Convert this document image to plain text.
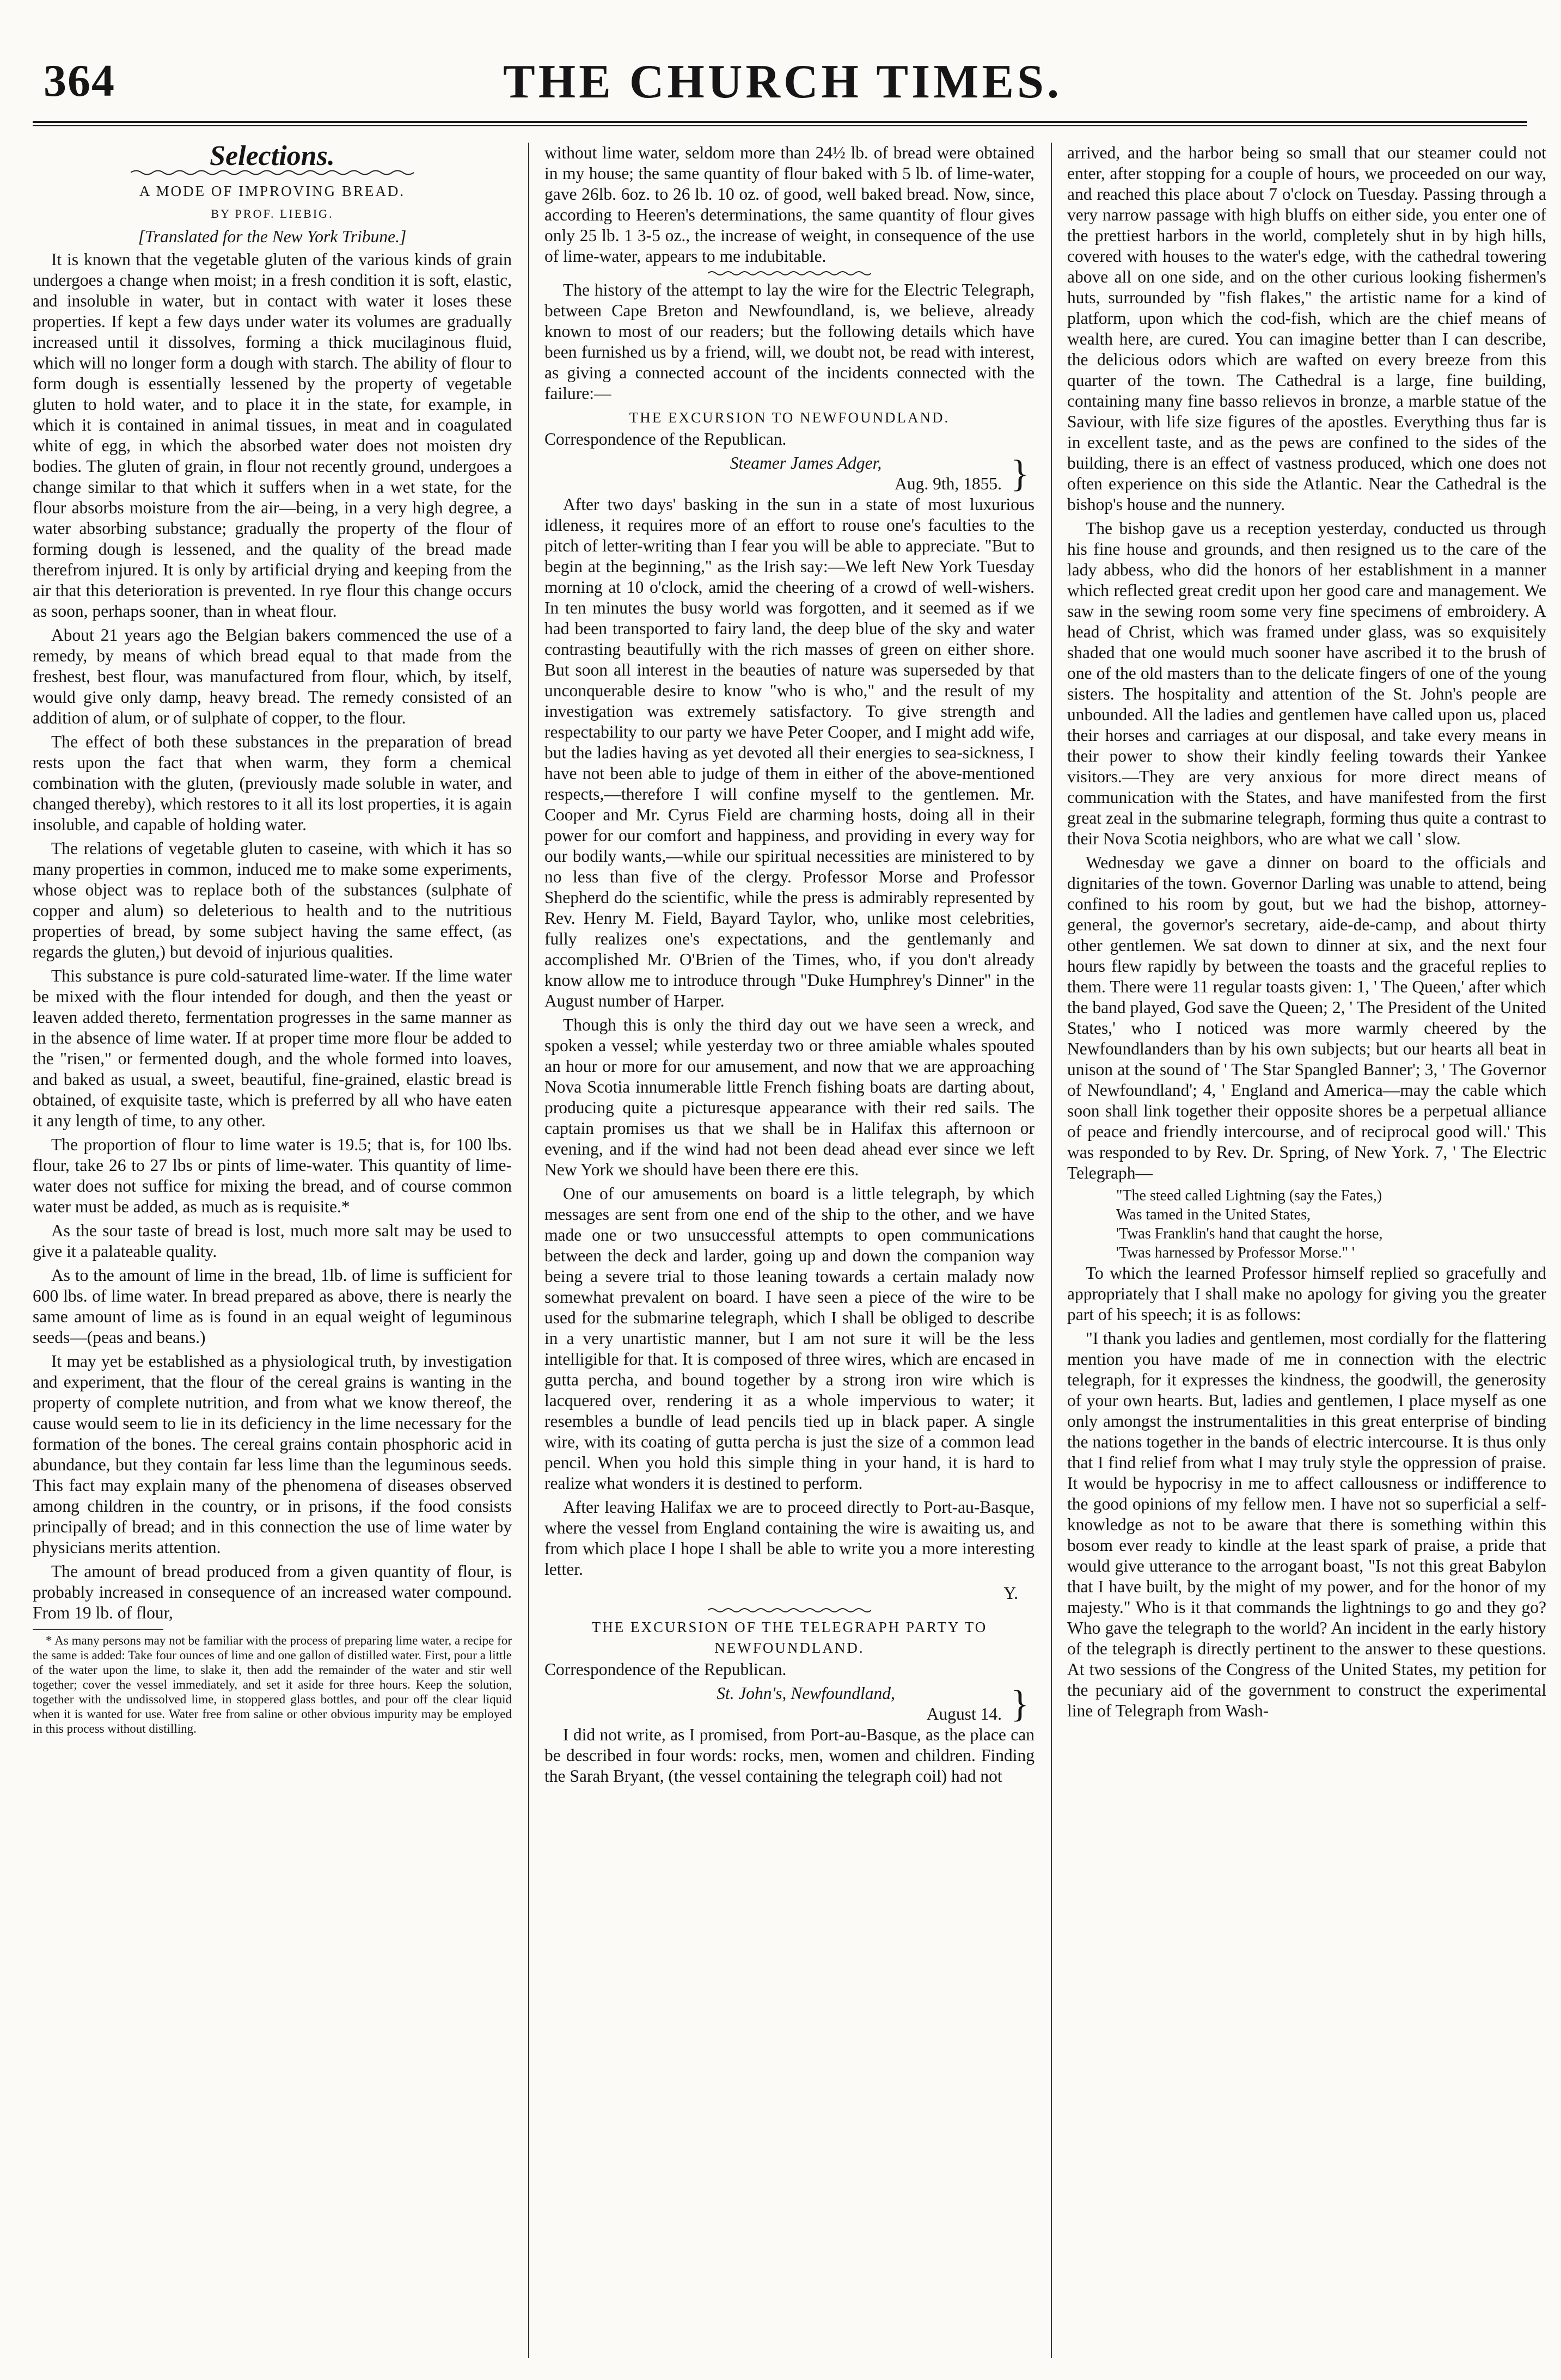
364	THE CHURCH TIMES.
Selections.
A MODE OF IMPROVING BREAD.
BY PROF. LIEBIG.
[Translated for the New York Tribune.]

It is known that the vegetable gluten of the various kinds of grain undergoes a change when moist; in a fresh condition it is soft, elastic, and insoluble in water, but in contact with water it loses these properties. If kept a few days under water its volumes are gradually increased until it dissolves, forming a thick mucilaginous fluid, which will no longer form a dough with starch. The ability of flour to form dough is essentially lessened by the property of vegetable gluten to hold water, and to place it in the state, for example, in which it is contained in animal tissues, in meat and in coagulated white of egg, in which the absorbed water does not moisten dry bodies. The gluten of grain, in flour not recently ground, undergoes a change similar to that which it suffers when in a wet state, for the flour absorbs moisture from the air—being, in a very high degree, a water absorbing substance; gradually the property of the flour of forming dough is lessened, and the quality of the bread made therefrom injured. It is only by artificial drying and keeping from the air that this deterioration is prevented. In rye flour this change occurs as soon, perhaps sooner, than in wheat flour.

About 21 years ago the Belgian bakers commenced the use of a remedy, by means of which bread equal to that made from the freshest, best flour, was manufactured from flour, which, by itself, would give only damp, heavy bread. The remedy consisted of an addition of alum, or of sulphate of copper, to the flour.

The effect of both these substances in the preparation of bread rests upon the fact that when warm, they form a chemical combination with the gluten, (previously made soluble in water, and changed thereby), which restores to it all its lost properties, it is again insoluble, and capable of holding water.

The relations of vegetable gluten to caseine, with which it has so many properties in common, induced me to make some experiments, whose object was to replace both of the substances (sulphate of copper and alum) so deleterious to health and to the nutritious properties of bread, by some subject having the same effect, (as regards the gluten,) but devoid of injurious qualities.

This substance is pure cold-saturated lime-water. If the lime water be mixed with the flour intended for dough, and then the yeast or leaven added thereto, fermentation progresses in the same manner as in the absence of lime water. If at proper time more flour be added to the "risen," or fermented dough, and the whole formed into loaves, and baked as usual, a sweet, beautiful, fine-grained, elastic bread is obtained, of exquisite taste, which is preferred by all who have eaten it any length of time, to any other.

The proportion of flour to lime water is 19.5; that is, for 100 lbs. flour, take 26 to 27 lbs or pints of lime-water. This quantity of lime-water does not suffice for mixing the bread, and of course common water must be added, as much as is requisite.*

As the sour taste of bread is lost, much more salt may be used to give it a palateable quality.

As to the amount of lime in the bread, 1lb. of lime is sufficient for 600 lbs. of lime water. In bread prepared as above, there is nearly the same amount of lime as is found in an equal weight of leguminous seeds—(peas and beans.)

It may yet be established as a physiological truth, by investigation and experiment, that the flour of the cereal grains is wanting in the property of complete nutrition, and from what we know thereof, the cause would seem to lie in its deficiency in the lime necessary for the formation of the bones. The cereal grains contain phosphoric acid in abundance, but they contain far less lime than the leguminous seeds. This fact may explain many of the phenomena of diseases observed among children in the country, or in prisons, if the food consists principally of bread; and in this connection the use of lime water by physicians merits attention.

The amount of bread produced from a given quantity of flour, is probably increased in consequence of an increased water compound. From 19 lb. of flour,

* As many persons may not be familiar with the process of preparing lime water, a recipe for the same is added: Take four ounces of lime and one gallon of distilled water. First, pour a little of the water upon the lime, to slake it, then add the remainder of the water and stir well together; cover the vessel immediately, and set it aside for three hours. Keep the solution, together with the undissolved lime, in stoppered glass bottles, and pour off the clear liquid when it is wanted for use. Water free from saline or other obvious impurity may be employed in this process without distilling.

without lime water, seldom more than 24½ lb. of bread were obtained in my house; the same quantity of flour baked with 5 lb. of lime-water, gave 26lb. 6oz. to 26 lb. 10 oz. of good, well baked bread. Now, since, according to Heeren's determinations, the same quantity of flour gives only 25 lb. 1 3-5 oz., the increase of weight, in consequence of the use of lime-water, appears to me indubitable.

The history of the attempt to lay the wire for the Electric Telegraph, between Cape Breton and Newfoundland, is, we believe, already known to most of our readers; but the following details which have been furnished us by a friend, will, we doubt not, be read with interest, as giving a connected account of the incidents connected with the failure:—

THE EXCURSION TO NEWFOUNDLAND.

Correspondence of the Republican.

Steamer James Adger,
Aug. 9th, 1855. }

After two days' basking in the sun in a state of most luxurious idleness, it requires more of an effort to rouse one's faculties to the pitch of letter-writing than I fear you will be able to appreciate. "But to begin at the beginning," as the Irish say:—We left New York Tuesday morning at 10 o'clock, amid the cheering of a crowd of well-wishers. In ten minutes the busy world was forgotten, and it seemed as if we had been transported to fairy land, the deep blue of the sky and water contrasting beautifully with the rich masses of green on either shore. But soon all interest in the beauties of nature was superseded by that unconquerable desire to know "who is who," and the result of my investigation was extremely satisfactory. To give strength and respectability to our party we have Peter Cooper, and I might add wife, but the ladies having as yet devoted all their energies to sea-sickness, I have not been able to judge of them in either of the above-mentioned respects,—therefore I will confine myself to the gentlemen. Mr. Cooper and Mr. Cyrus Field are charming hosts, doing all in their power for our comfort and happiness, and providing in every way for our bodily wants,—while our spiritual necessities are ministered to by no less than five of the clergy. Professor Morse and Professor Shepherd do the scientific, while the press is admirably represented by Rev. Henry M. Field, Bayard Taylor, who, unlike most celebrities, fully realizes one's expectations, and the gentlemanly and accomplished Mr. O'Brien of the Times, who, if you don't already know allow me to introduce through "Duke Humphrey's Dinner" in the August number of Harper.

Though this is only the third day out we have seen a wreck, and spoken a vessel; while yesterday two or three amiable whales spouted an hour or more for our amusement, and now that we are approaching Nova Scotia innumerable little French fishing boats are darting about, producing quite a picturesque appearance with their red sails. The captain promises us that we shall be in Halifax this afternoon or evening, and if the wind had not been dead ahead ever since we left New York we should have been there ere this.

One of our amusements on board is a little telegraph, by which messages are sent from one end of the ship to the other, and we have made one or two unsuccessful attempts to open communications between the deck and larder, going up and down the companion way being a severe trial to those leaning towards a certain malady now somewhat prevalent on board. I have seen a piece of the wire to be used for the submarine telegraph, which I shall be obliged to describe in a very unartistic manner, but I am not sure it will be the less intelligible for that. It is composed of three wires, which are encased in gutta percha, and bound together by a strong iron wire which is lacquered over, rendering it as a whole impervious to water; it resembles a bundle of lead pencils tied up in black paper. A single wire, with its coating of gutta percha is just the size of a common lead pencil. When you hold this simple thing in your hand, it is hard to realize what wonders it is destined to perform.

After leaving Halifax we are to proceed directly to Port-au-Basque, where the vessel from England containing the wire is awaiting us, and from which place I hope I shall be able to write you a more interesting letter.

Y.
THE EXCURSION OF THE TELEGRAPH PARTY TO NEWFOUNDLAND.

Correspondence of the Republican.

St. John's, Newfoundland,
August 14. }

I did not write, as I promised, from Port-au-Basque, as the place can be described in four words: rocks, men, women and children. Finding the Sarah Bryant, (the vessel containing the telegraph coil) had not

arrived, and the harbor being so small that our steamer could not enter, after stopping for a couple of hours, we proceeded on our way, and reached this place about 7 o'clock on Tuesday. Passing through a very narrow passage with high bluffs on either side, you enter one of the prettiest harbors in the world, completely shut in by high hills, covered with houses to the water's edge, with the cathedral towering above all on one side, and on the other curious looking fishermen's huts, surrounded by "fish flakes," the artistic name for a kind of platform, upon which the cod-fish, which are the chief means of wealth here, are cured. You can imagine better than I can describe, the delicious odors which are wafted on every breeze from this quarter of the town. The Cathedral is a large, fine building, containing many fine basso relievos in bronze, a marble statue of the Saviour, with life size figures of the apostles. Everything thus far is in excellent taste, and as the pews are confined to the sides of the building, there is an effect of vastness produced, which one does not often experience on this side the Atlantic. Near the Cathedral is the bishop's house and the nunnery.

The bishop gave us a reception yesterday, conducted us through his fine house and grounds, and then resigned us to the care of the lady abbess, who did the honors of her establishment in a manner which reflected great credit upon her good care and management. We saw in the sewing room some very fine specimens of embroidery. A head of Christ, which was framed under glass, was so exquisitely shaded that one would much sooner have ascribed it to the brush of one of the old masters than to the delicate fingers of one of the young sisters. The hospitality and attention of the St. John's people are unbounded. All the ladies and gentlemen have called upon us, placed their horses and carriages at our disposal, and take every means in their power to show their kindly feeling towards their Yankee visitors.—They are very anxious for more direct means of communication with the States, and have manifested from the first great zeal in the submarine telegraph, forming thus quite a contrast to their Nova Scotia neighbors, who are what we call ' slow.

Wednesday we gave a dinner on board to the officials and dignitaries of the town. Governor Darling was unable to attend, being confined to his room by gout, but we had the bishop, attorney-general, the governor's secretary, aide-de-camp, and about thirty other gentlemen. We sat down to dinner at six, and the next four hours flew rapidly by between the toasts and the graceful replies to them. There were 11 regular toasts given: 1, ' The Queen,' after which the band played, God save the Queen; 2, ' The President of the United States,' who I noticed was more warmly cheered by the Newfoundlanders than by his own subjects; but our hearts all beat in unison at the sound of ' The Star Spangled Banner'; 3, ' The Governor of Newfoundland'; 4, ' England and America—may the cable which soon shall link together their opposite shores be a perpetual alliance of peace and friendly intercourse, and of reciprocal good will.' This was responded to by Rev. Dr. Spring, of New York. 7, ' The Electric Telegraph—

"The steed called Lightning (say the Fates,)
Was tamed in the United States,
'Twas Franklin's hand that caught the horse,
'Twas harnessed by Professor Morse." '

To which the learned Professor himself replied so gracefully and appropriately that I shall make no apology for giving you the greater part of his speech; it is as follows:

"I thank you ladies and gentlemen, most cordially for the flattering mention you have made of me in connection with the electric telegraph, for it expresses the kindness, the goodwill, the generosity of your own hearts. But, ladies and gentlemen, I place myself as one only amongst the instrumentalities in this great enterprise of binding the nations together in the bands of electric intercourse. It is thus only that I find relief from what I may truly style the oppression of praise. It would be hypocrisy in me to affect callousness or indifference to the good opinions of my fellow men. I have not so superficial a self-knowledge as not to be aware that there is something within this bosom ever ready to kindle at the least spark of praise, a pride that would give utterance to the arrogant boast, "Is not this great Babylon that I have built, by the might of my power, and for the honor of my majesty." Who is it that commands the lightnings to go and they go? Who gave the telegraph to the world? An incident in the early history of the telegraph is directly pertinent to the answer to these questions. At two sessions of the Congress of the United States, my petition for the pecuniary aid of the government to construct the experimental line of Telegraph from Wash-
